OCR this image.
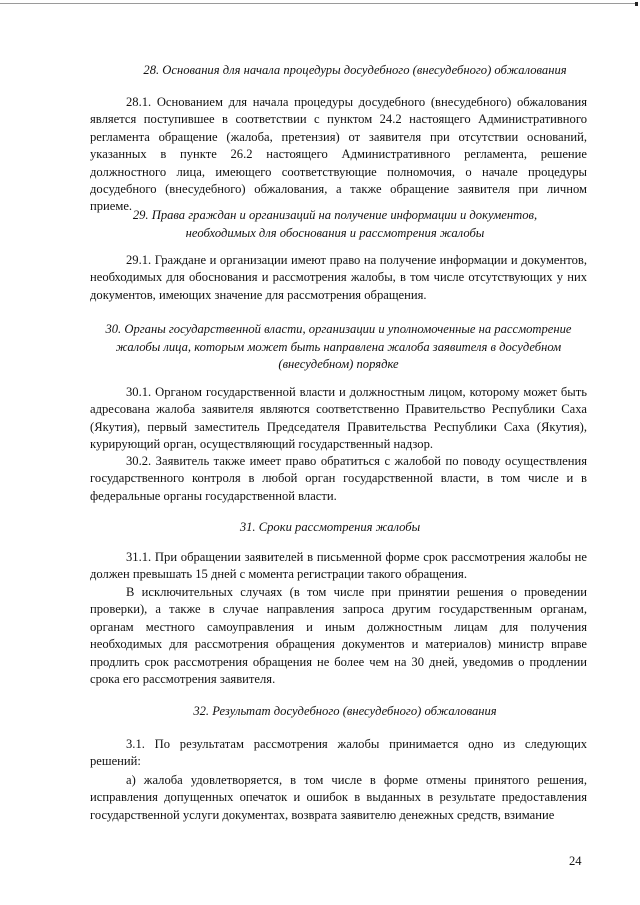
28. Основания для начала процедуры досудебного (внесудебного) обжалования

28.1. Основанием для начала процедуры досудебного (внесудебного) обжалования является поступившее в соответствии с пунктом 24.2 настоящего Административного регламента обращение (жалоба, претензия) от заявителя при отсутствии оснований, указанных в пункте 26.2 настоящего Административного регламента, решение должностного лица, имеющего соответствующие полномочия, о начале процедуры досудебного (внесудебного) обжалования, а также обращение заявителя при личном приеме.

29. Права граждан и организаций на получение информации и документов,

необходимых для обоснования и рассмотрения жалобы

29.1. Граждане и организации имеют право на получение информации и документов, необходимых для обоснования и рассмотрения жалобы, в том числе отсутствующих у них документов, имеющих значение для рассмотрения обращения.

30. Органы государственной власти, организации и уполномоченные на рассмотрение

жалобы лица, которым может быть направлена жалоба заявителя в досудебном

(внесудебном) порядке

30.1. Органом государственной власти и должностным лицом, которому может быть адресована жалоба заявителя являются соответственно Правительство Республики Саха (Якутия), первый заместитель Председателя Правительства Республики Саха (Якутия), курирующий орган, осуществляющий государственный надзор.

30.2. Заявитель также имеет право обратиться с жалобой по поводу осуществления государственного контроля в любой орган государственной власти, в том числе и в федеральные органы государственной власти.

31. Сроки рассмотрения жалобы

31.1. При обращении заявителей в письменной форме срок рассмотрения жалобы не должен превышать 15 дней с момента регистрации такого обращения.

В исключительных случаях (в том числе при принятии решения о проведении проверки), а также в случае направления запроса другим государственным органам, органам местного самоуправления и иным должностным лицам для получения необходимых для рассмотрения обращения документов и материалов) министр вправе продлить срок рассмотрения обращения не более чем на 30 дней, уведомив о продлении срока его рассмотрения заявителя.

32. Результат досудебного (внесудебного) обжалования

3.1. По результатам рассмотрения жалобы принимается одно из следующих решений:

а) жалоба удовлетворяется, в том числе в форме отмены принятого решения, исправления допущенных опечаток и ошибок в выданных в результате предоставления государственной услуги документах, возврата заявителю денежных средств, взимание

24
